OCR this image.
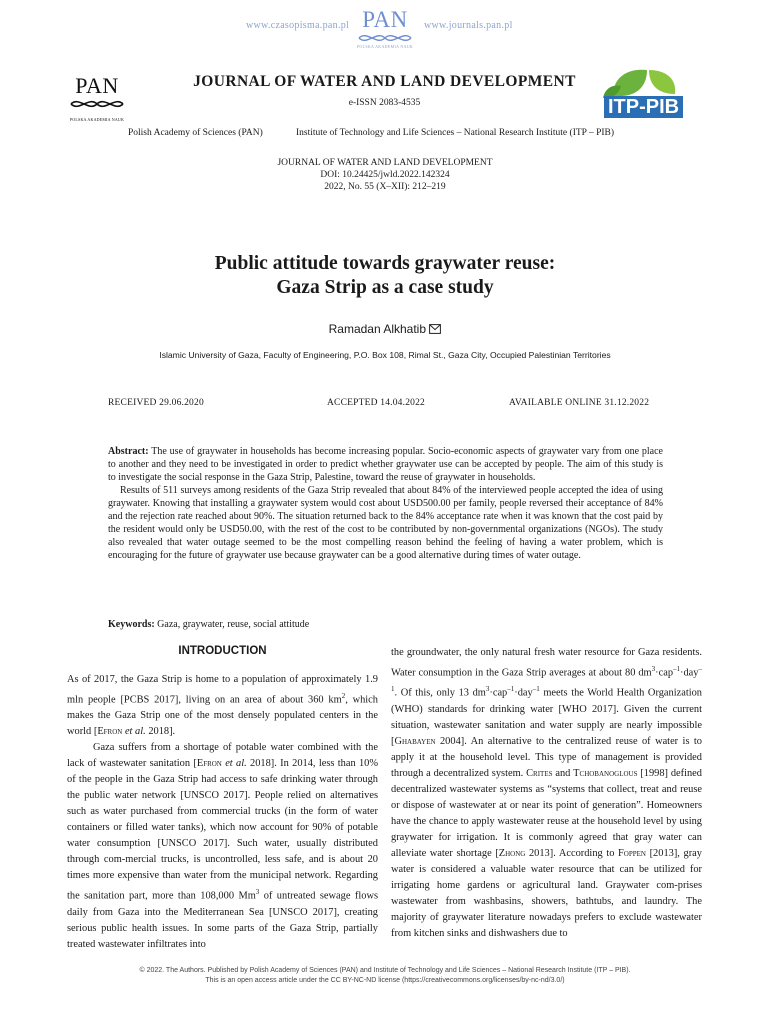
www.czasopisma.pan.pl	www.journals.pan.pl
PAN
POLSKA AKADEMIA NAUK
PAN
POLSKA AKADEMIA NAUK
JOURNAL OF WATER AND LAND DEVELOPMENT
e-ISSN 2083-4535
Polish Academy of Sciences (PAN)	Institute of Technology and Life Sciences – National Research Institute (ITP – PIB)
ITP-PIB
JOURNAL OF WATER AND LAND DEVELOPMENT
DOI: 10.24425/jwld.2022.142324
2022, No. 55 (X–XII): 212–219
Public attitude towards graywater reuse:
Gaza Strip as a case study
Ramadan Alkhatib
Islamic University of Gaza, Faculty of Engineering, P.O. Box 108, Rimal St., Gaza City, Occupied Palestinian Territories
RECEIVED 29.06.2020	ACCEPTED 14.04.2022	AVAILABLE ONLINE 31.12.2022

Abstract: The use of graywater in households has become increasing popular. Socio-economic aspects of graywater vary from one place to another and they need to be investigated in order to predict whether graywater use can be accepted by people. The aim of this study is to investigate the social response in the Gaza Strip, Palestine, toward the reuse of graywater in households.

Results of 511 surveys among residents of the Gaza Strip revealed that about 84% of the interviewed people accepted the idea of using graywater. Knowing that installing a graywater system would cost about USD500.00 per family, people reversed their acceptance of 84% and the rejection rate reached about 90%. The situation returned back to the 84% acceptance rate when it was known that the cost paid by the resident would only be USD50.00, with the rest of the cost to be contributed by non-governmental organizations (NGOs). The study also revealed that water outage seemed to be the most compelling reason behind the feeling of having a water problem, which is encouraging for the future of graywater use because graywater can be a good alternative during times of water outage.

Keywords: Gaza, graywater, reuse, social attitude
INTRODUCTION

As of 2017, the Gaza Strip is home to a population of approximately 1.9 mln people [PCBS 2017], living on an area of about 360 $km^2$, which makes the Gaza Strip one of the most densely populated centers in the world [Efron et al. 2018].

Gaza suffers from a shortage of potable water combined with the lack of wastewater sanitation [Efron et al. 2018]. In 2014, less than 10% of the people in the Gaza Strip had access to safe drinking water through the public water network [UNSCO 2017]. People relied on alternatives such as water purchased from commercial trucks (in the form of water containers or filled water tanks), which now account for 90% of potable water consumption [UNSCO 2017]. Such water, usually distributed through com-mercial trucks, is uncontrolled, less safe, and is about 20 times more expensive than water from the municipal network. Regarding the sanitation part, more than 108,000 Mm$^3$ of untreated sewage flows daily from Gaza into the Mediterranean Sea [UNSCO 2017], creating serious public health issues. In some parts of the Gaza Strip, partially treated wastewater infiltrates into

the groundwater, the only natural fresh water resource for Gaza residents. Water consumption in the Gaza Strip averages at about 80 $dm^3\cdot cap^{-1}\cdot day^{-1}$. Of this, only 13 $dm^3\cdot cap^{-1}\cdot day^{-1}$ meets the World Health Organization (WHO) standards for drinking water [WHO 2017]. Given the current situation, wastewater sanitation and water supply are nearly impossible [Ghabayen 2004]. An alternative to the centralized reuse of water is to apply it at the household level. This type of management is provided through a decentralized system. Crites and Tchobanoglous [1998] defined decentralized wastewater systems as “systems that collect, treat and reuse or dispose of wastewater at or near its point of generation”. Homeowners have the chance to apply wastewater reuse at the household level by using graywater for irrigation. It is commonly agreed that gray water can alleviate water shortage [Zhong 2013]. According to Foppen [2013], gray water is considered a valuable water resource that can be utilized for irrigating home gardens or agricultural land. Graywater com-prises wastewater from washbasins, showers, bathtubs, and laundry. The majority of graywater literature nowadays prefers to exclude wastewater from kitchen sinks and dishwashers due to

© 2022. The Authors. Published by Polish Academy of Sciences (PAN) and Institute of Technology and Life Sciences – National Research Institute (ITP – PIB).
This is an open access article under the CC BY-NC-ND license (https://creativecommons.org/licenses/by-nc-nd/3.0/)
